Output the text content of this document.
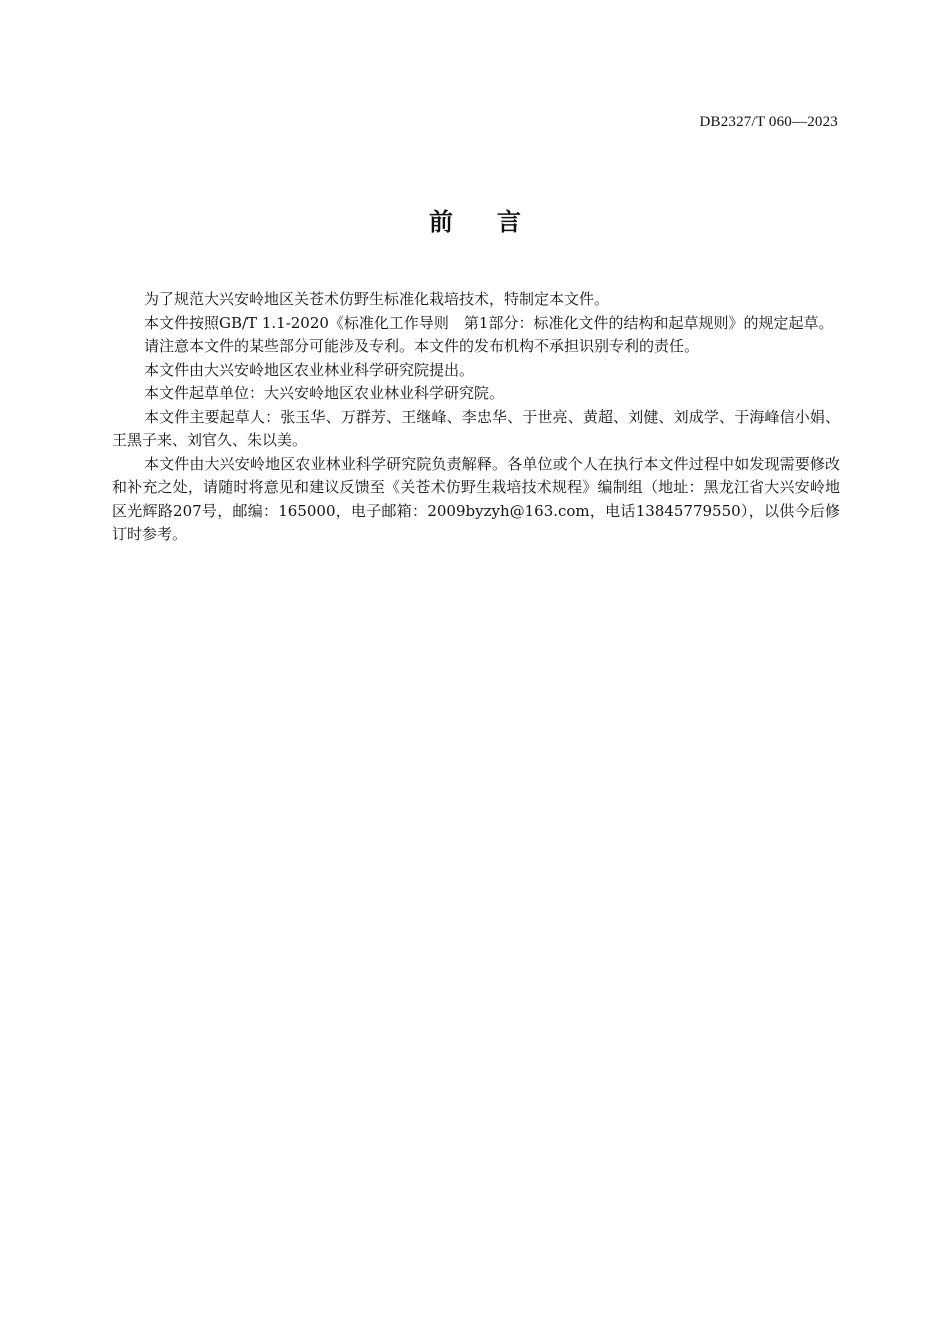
DB2327/T 060—2023
前 言

为了规范大兴安岭地区关苍术仿野生标准化栽培技术，特制定本文件。

本文件按照GB/T 1.1-2020《标准化工作导则　第1部分：标准化文件的结构和起草规则》的规定起草。

请注意本文件的某些部分可能涉及专利。本文件的发布机构不承担识别专利的责任。

本文件由大兴安岭地区农业林业科学研究院提出。

本文件起草单位：大兴安岭地区农业林业科学研究院。

本文件主要起草人：张玉华、万群芳、王继峰、李忠华、于世亮、黄超、刘健、刘成学、于海峰信小娟、王黑子来、刘官久、朱以美。

本文件由大兴安岭地区农业林业科学研究院负责解释。各单位或个人在执行本文件过程中如发现需要修改和补充之处，请随时将意见和建议反馈至《关苍术仿野生栽培技术规程》编制组（地址：黑龙江省大兴安岭地区光辉路207号，邮编：165000，电子邮箱：2009byzyh@163.com，电话13845779550），以供今后修订时参考。
